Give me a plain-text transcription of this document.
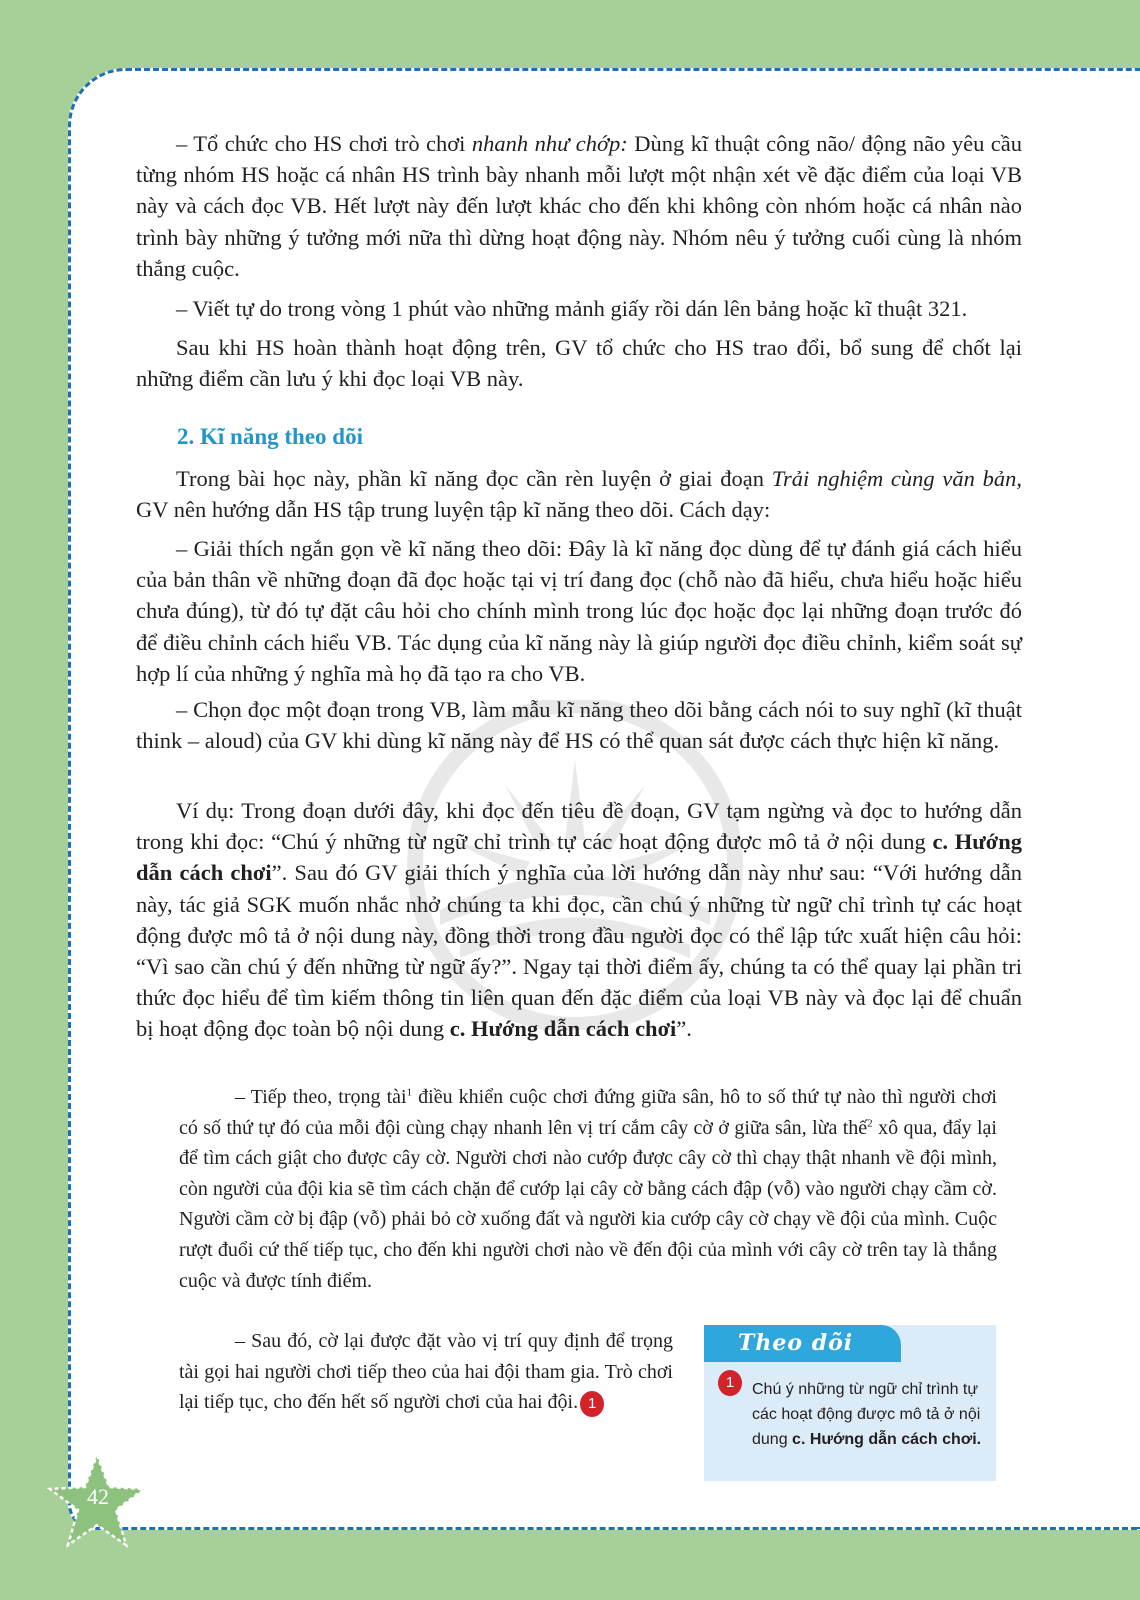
– Tổ chức cho HS chơi trò chơi nhanh như chớp: Dùng kĩ thuật công não/ động não yêu cầu từng nhóm HS hoặc cá nhân HS trình bày nhanh mỗi lượt một nhận xét về đặc điểm của loại VB này và cách đọc VB. Hết lượt này đến lượt khác cho đến khi không còn nhóm hoặc cá nhân nào trình bày những ý tưởng mới nữa thì dừng hoạt động này. Nhóm nêu ý tưởng cuối cùng là nhóm thắng cuộc.

– Viết tự do trong vòng 1 phút vào những mảnh giấy rồi dán lên bảng hoặc kĩ thuật 321.

Sau khi HS hoàn thành hoạt động trên, GV tổ chức cho HS trao đổi, bổ sung để chốt lại những điểm cần lưu ý khi đọc loại VB này.

2. Kĩ năng theo dõi

Trong bài học này, phần kĩ năng đọc cần rèn luyện ở giai đoạn Trải nghiệm cùng văn bản, GV nên hướng dẫn HS tập trung luyện tập kĩ năng theo dõi. Cách dạy:

– Giải thích ngắn gọn về kĩ năng theo dõi: Đây là kĩ năng đọc dùng để tự đánh giá cách hiểu của bản thân về những đoạn đã đọc hoặc tại vị trí đang đọc (chỗ nào đã hiểu, chưa hiểu hoặc hiểu chưa đúng), từ đó tự đặt câu hỏi cho chính mình trong lúc đọc hoặc đọc lại những đoạn trước đó để điều chỉnh cách hiểu VB. Tác dụng của kĩ năng này là giúp người đọc điều chỉnh, kiểm soát sự hợp lí của những ý nghĩa mà họ đã tạo ra cho VB.

– Chọn đọc một đoạn trong VB, làm mẫu kĩ năng theo dõi bằng cách nói to suy nghĩ (kĩ thuật think – aloud) của GV khi dùng kĩ năng này để HS có thể quan sát được cách thực hiện kĩ năng.

Ví dụ: Trong đoạn dưới đây, khi đọc đến tiêu đề đoạn, GV tạm ngừng và đọc to hướng dẫn trong khi đọc: “Chú ý những từ ngữ chỉ trình tự các hoạt động được mô tả ở nội dung c. Hướng dẫn cách chơi”. Sau đó GV giải thích ý nghĩa của lời hướng dẫn này như sau: “Với hướng dẫn này, tác giả SGK muốn nhắc nhở chúng ta khi đọc, cần chú ý những từ ngữ chỉ trình tự các hoạt động được mô tả ở nội dung này, đồng thời trong đầu người đọc có thể lập tức xuất hiện câu hỏi: “Vì sao cần chú ý đến những từ ngữ ấy?”. Ngay tại thời điểm ấy, chúng ta có thể quay lại phần tri thức đọc hiểu để tìm kiếm thông tin liên quan đến đặc điểm của loại VB này và đọc lại để chuẩn bị hoạt động đọc toàn bộ nội dung c. Hướng dẫn cách chơi”.

– Tiếp theo, trọng tài$^1$ điều khiển cuộc chơi đứng giữa sân, hô to số thứ tự nào thì người chơi có số thứ tự đó của mỗi đội cùng chạy nhanh lên vị trí cắm cây cờ ở giữa sân, lừa thế$^2$ xô qua, đẩy lại để tìm cách giật cho được cây cờ. Người chơi nào cướp được cây cờ thì chạy thật nhanh về đội mình, còn người của đội kia sẽ tìm cách chặn để cướp lại cây cờ bằng cách đập (vỗ) vào người chạy cầm cờ. Người cầm cờ bị đập (vỗ) phải bỏ cờ xuống đất và người kia cướp cây cờ chạy về đội của mình. Cuộc rượt đuổi cứ thế tiếp tục, cho đến khi người chơi nào về đến đội của mình với cây cờ trên tay là thắng cuộc và được tính điểm.

– Sau đó, cờ lại được đặt vào vị trí quy định để trọng tài gọi hai người chơi tiếp theo của hai đội tham gia. Trò chơi lại tiếp tục, cho đến hết số người chơi của hai đội. 1

Theo dõi
1	Chú ý những từ ngữ chỉ trình tự các hoạt động được mô tả ở nội dung c. Hướng dẫn cách chơi.

42
